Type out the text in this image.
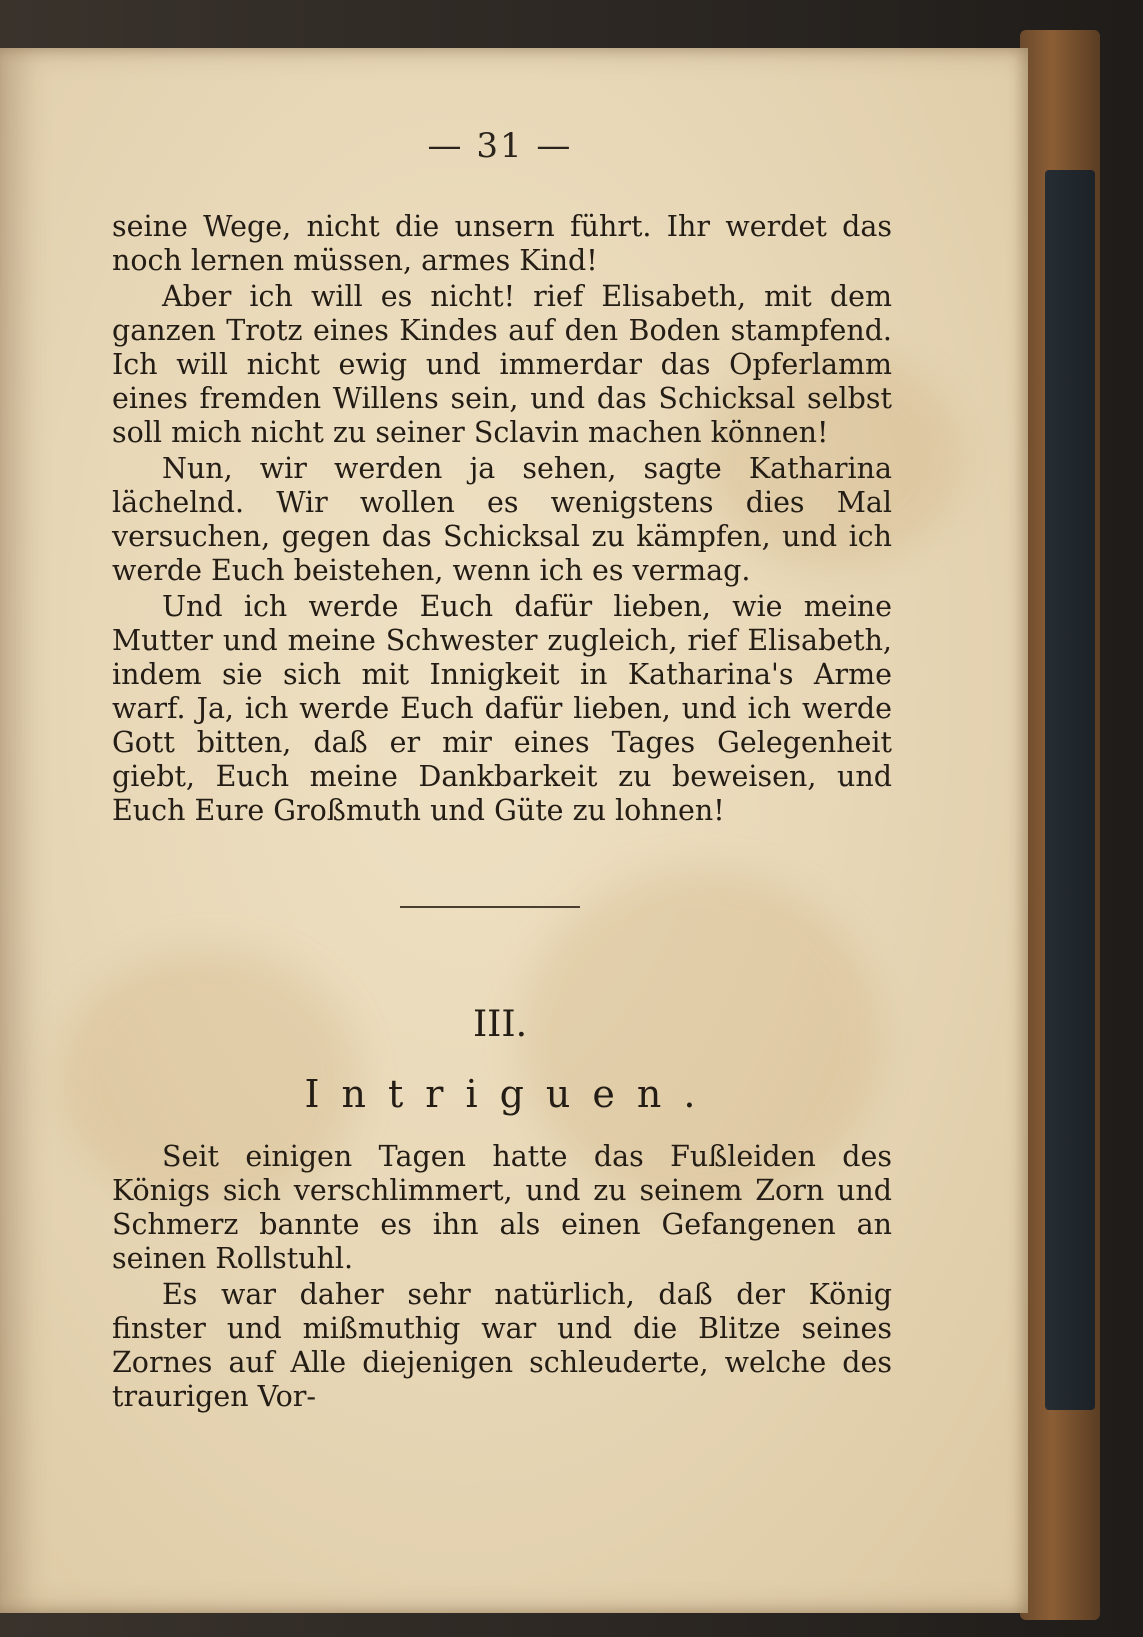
— 31 —

seine Wege, nicht die unsern führt. Ihr werdet das noch lernen müssen, armes Kind!

Aber ich will es nicht! rief Elisabeth, mit dem ganzen Trotz eines Kindes auf den Boden stampfend. Ich will nicht ewig und immerdar das Opferlamm eines fremden Willens sein, und das Schicksal selbst soll mich nicht zu seiner Sclavin machen können!

Nun, wir werden ja sehen, sagte Katharina lächelnd. Wir wollen es wenigstens dies Mal versuchen, gegen das Schicksal zu kämpfen, und ich werde Euch beistehen, wenn ich es vermag.

Und ich werde Euch dafür lieben, wie meine Mutter und meine Schwester zugleich, rief Elisabeth, indem sie sich mit Innigkeit in Katharina's Arme warf. Ja, ich werde Euch dafür lieben, und ich werde Gott bitten, daß er mir eines Tages Gelegenheit giebt, Euch meine Dankbarkeit zu beweisen, und Euch Eure Großmuth und Güte zu lohnen!

III.
Intriguen.

Seit einigen Tagen hatte das Fußleiden des Königs sich verschlimmert, und zu seinem Zorn und Schmerz bannte es ihn als einen Gefangenen an seinen Rollstuhl.

Es war daher sehr natürlich, daß der König finster und mißmuthig war und die Blitze seines Zornes auf Alle diejenigen schleuderte, welche des traurigen Vor-
